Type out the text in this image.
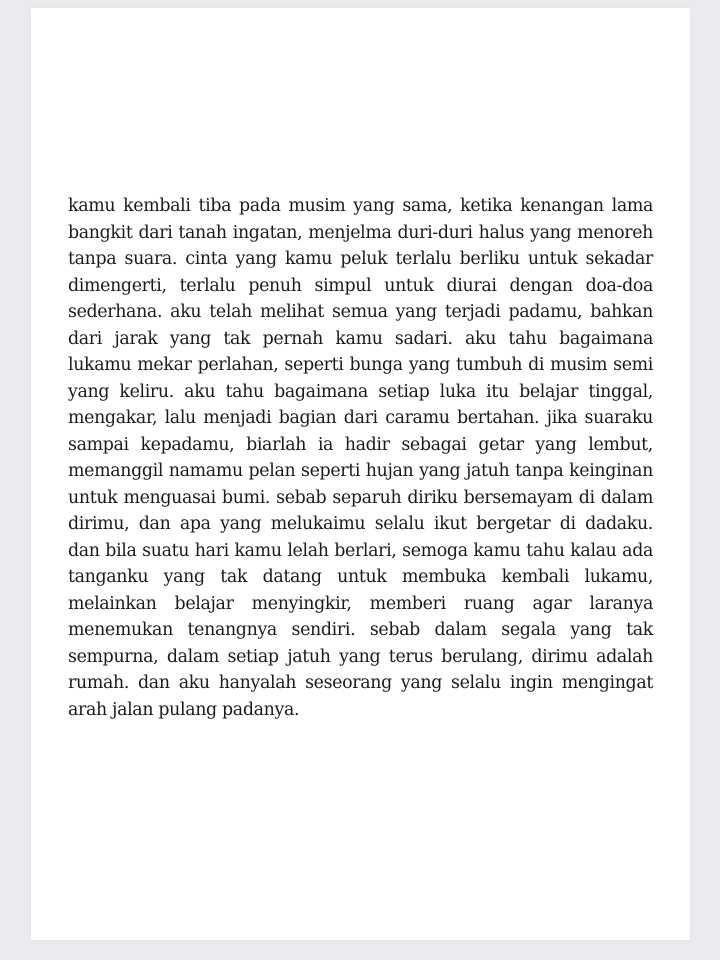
kamu kembali tiba pada musim yang sama, ketika kenangan lama
bangkit dari tanah ingatan, menjelma duri-duri halus yang menoreh
tanpa suara. cinta yang kamu peluk terlalu berliku untuk sekadar
dimengerti, terlalu penuh simpul untuk diurai dengan doa-doa
sederhana. aku telah melihat semua yang terjadi padamu, bahkan
dari jarak yang tak pernah kamu sadari. aku tahu bagaimana
lukamu mekar perlahan, seperti bunga yang tumbuh di musim semi
yang keliru. aku tahu bagaimana setiap luka itu belajar tinggal,
mengakar, lalu menjadi bagian dari caramu bertahan. jika suaraku
sampai kepadamu, biarlah ia hadir sebagai getar yang lembut,
memanggil namamu pelan seperti hujan yang jatuh tanpa keinginan
untuk menguasai bumi. sebab separuh diriku bersemayam di dalam
dirimu, dan apa yang melukaimu selalu ikut bergetar di dadaku.
dan bila suatu hari kamu lelah berlari, semoga kamu tahu kalau ada
tanganku yang tak datang untuk membuka kembali lukamu,
melainkan belajar menyingkir, memberi ruang agar laranya
menemukan tenangnya sendiri. sebab dalam segala yang tak
sempurna, dalam setiap jatuh yang terus berulang, dirimu adalah
rumah. dan aku hanyalah seseorang yang selalu ingin mengingat
arah jalan pulang padanya.
